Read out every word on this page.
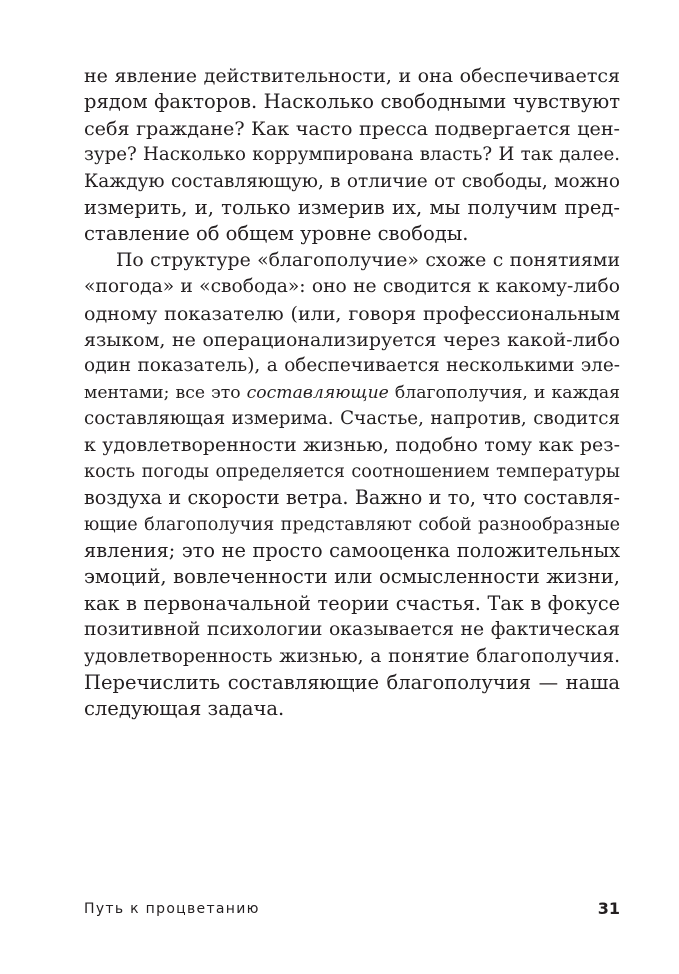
не явление действительности, и она обеспечивается
рядом факторов. Насколько свободными чувствуют
себя граждане? Как часто пресса подвергается цен-
зуре? Насколько коррумпирована власть? И так далее.
Каждую составляющую, в отличие от свободы, можно
измерить, и, только измерив их, мы получим пред-
ставление об общем уровне свободы.
По структуре «благополучие» схоже с понятиями
«погода» и «свобода»: оно не сводится к какому-либо
одному показателю (или, говоря профессиональным
языком, не операционализируется через какой-либо
один показатель), а обеспечивается несколькими эле-
ментами; все это составляющие благополучия, и каждая
составляющая измерима. Счастье, напротив, сводится
к удовлетворенности жизнью, подобно тому как рез-
кость погоды определяется соотношением температуры
воздуха и скорости ветра. Важно и то, что составля-
ющие благополучия представляют собой разнообразные
явления; это не просто самооценка положительных
эмоций, вовлеченности или осмысленности жизни,
как в первоначальной теории счастья. Так в фокусе
позитивной психологии оказывается не фактическая
удовлетворенность жизнью, а понятие благополучия.
Перечислить составляющие благополучия — наша
следующая задача.
Путь к процветанию	31
